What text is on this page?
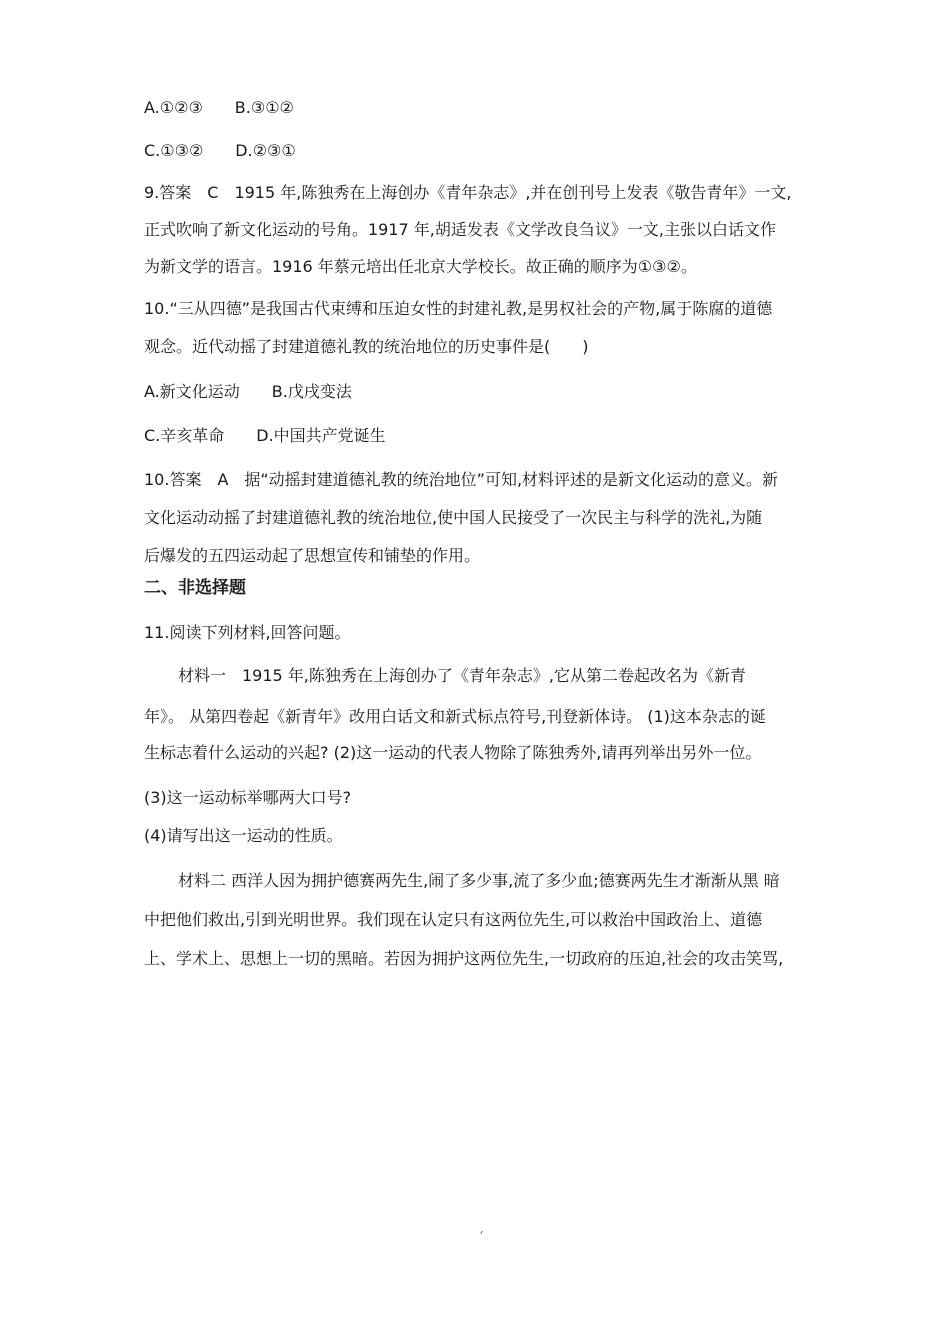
A.①②③　　B.③①②
C.①③②　　D.②③①
9.答案　C　1915 年,陈独秀在上海创办《青年杂志》,并在创刊号上发表《敬告青年》一文,
正式吹响了新文化运动的号角。1917 年,胡适发表《文学改良刍议》一文,主张以白话文作
为新文学的语言。1916 年蔡元培出任北京大学校长。故正确的顺序为①③②。
10.“三从四德”是我国古代束缚和压迫女性的封建礼教,是男权社会的产物,属于陈腐的道德
观念。近代动摇了封建道德礼教的统治地位的历史事件是(　　)
A.新文化运动　　B.戊戌变法
C.辛亥革命　　D.中国共产党诞生
10.答案　A　据“动摇封建道德礼教的统治地位”可知,材料评述的是新文化运动的意义。新
文化运动动摇了封建道德礼教的统治地位,使中国人民接受了一次民主与科学的洗礼,为随
后爆发的五四运动起了思想宣传和铺垫的作用。
二、非选择题
11.阅读下列材料,回答问题。
材料一　1915 年,陈独秀在上海创办了《青年杂志》,它从第二卷起改名为《新青
年》。 从第四卷起《新青年》改用白话文和新式标点符号,刊登新体诗。 (1)这本杂志的诞
生标志着什么运动的兴起? (2)这一运动的代表人物除了陈独秀外,请再列举出另外一位。
(3)这一运动标举哪两大口号?
(4)请写出这一运动的性质。
材料二 西洋人因为拥护德赛两先生,闹了多少事,流了多少血;德赛两先生才渐渐从黑 暗
中把他们救出,引到光明世界。我们现在认定只有这两位先生,可以救治中国政治上、道德
上、学术上、思想上一切的黑暗。若因为拥护这两位先生,一切政府的压迫,社会的攻击笑骂,
´
